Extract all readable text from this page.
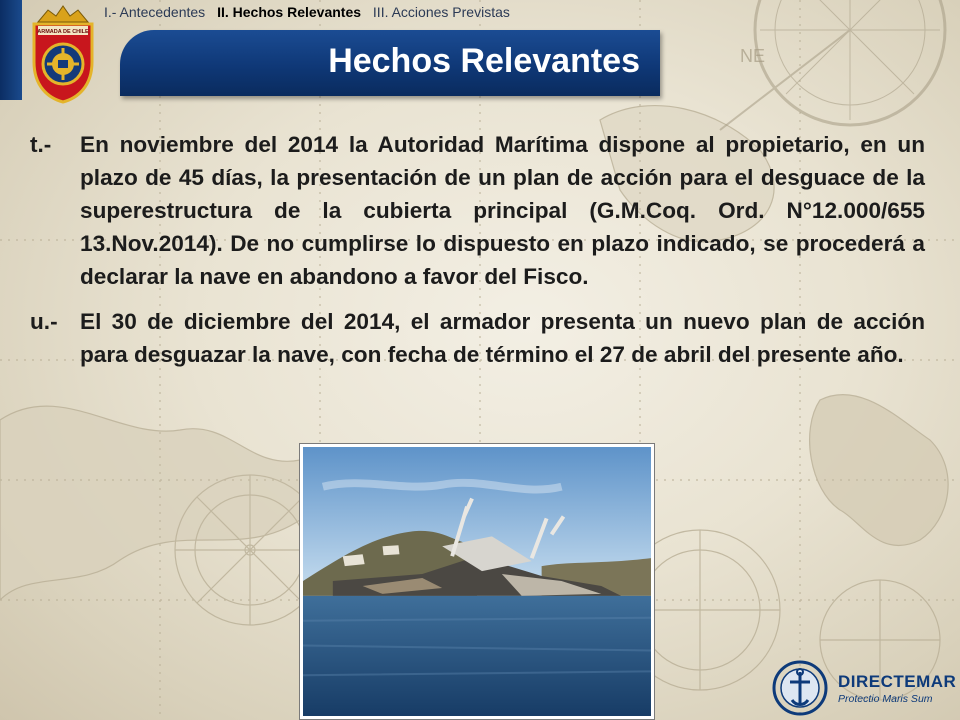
NE
ARMADA DE CHILE
I.- Antecedentes II. Hechos Relevantes III. Acciones Previstas
Hechos Relevantes
t.-	En noviembre del 2014 la Autoridad Marítima dispone al propietario, en un plazo de 45 días, la presentación de un plan de acción para el desguace de la superestructura de la cubierta principal (G.M.Coq. Ord. N°12.000/655 13.Nov.2014). De no cumplirse lo dispuesto en plazo indicado, se procederá a declarar la nave en abandono a favor del Fisco.
u.- El 30 de diciembre del 2014, el armador presenta un nuevo plan de acción para desguazar la nave, con fecha de término el 27 de abril del presente año.
DIRECTEMAR
Protectio Maris Sum
